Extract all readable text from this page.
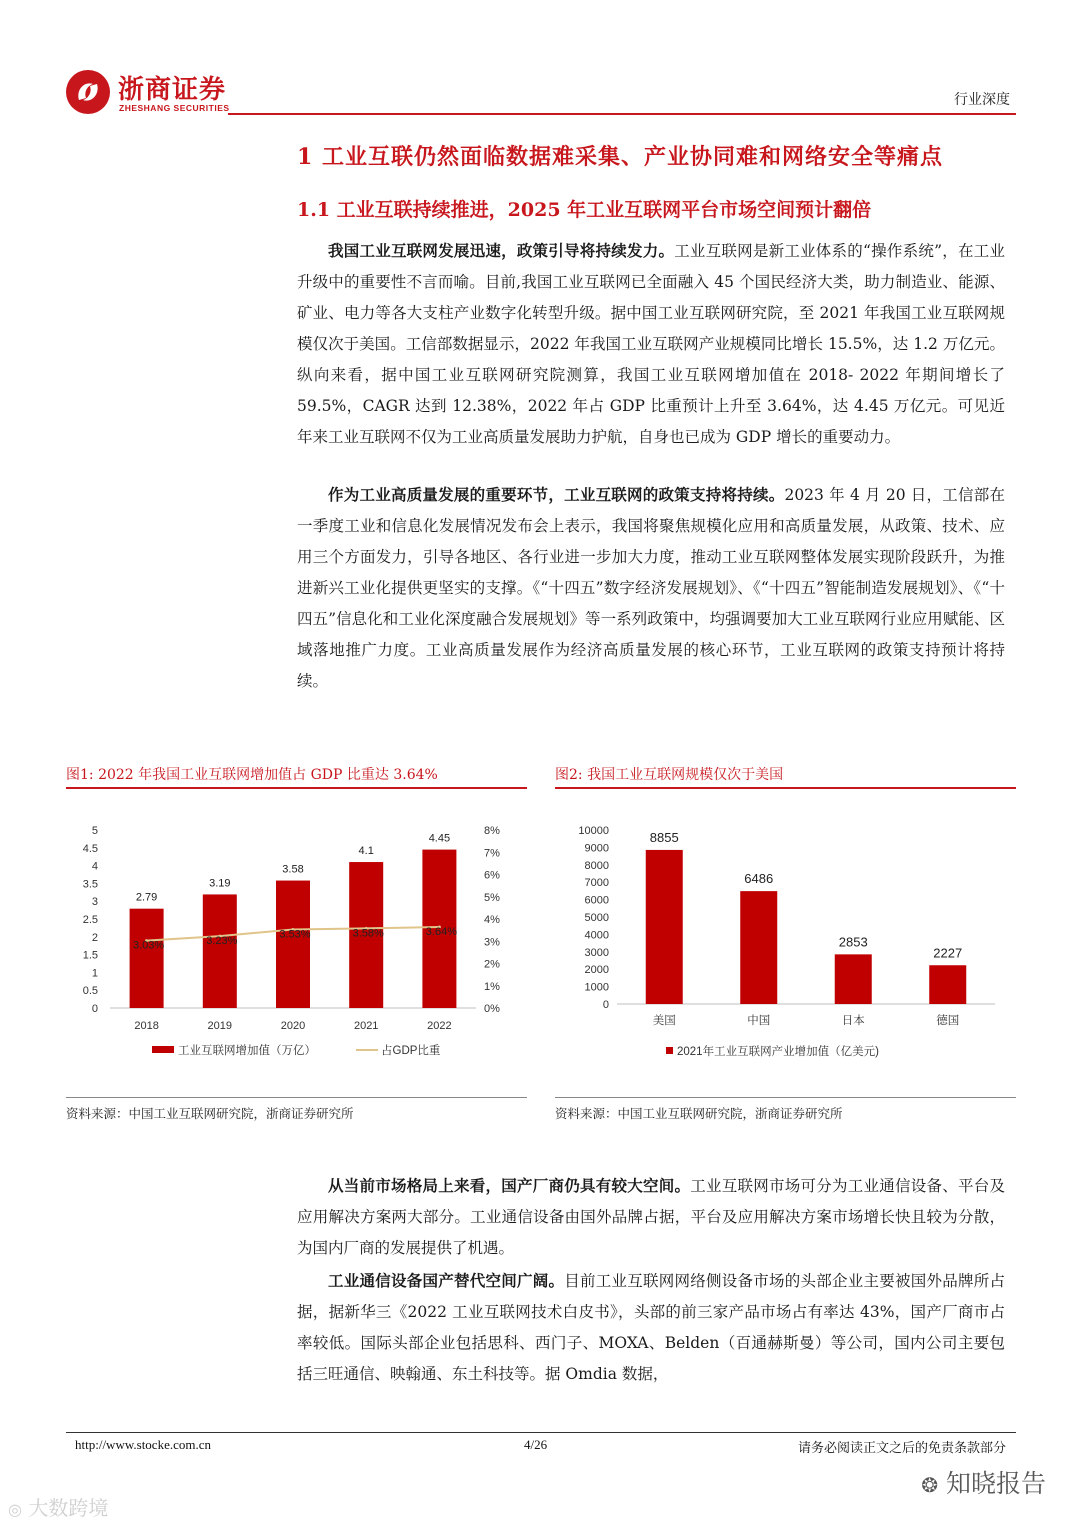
浙商证券
ZHESHANG SECURITIES	行业深度
1 工业互联仍然面临数据难采集、产业协同难和网络安全等痛点
1.1 工业互联持续推进，2025 年工业互联网平台市场空间预计翻倍

我国工业互联网发展迅速，政策引导将持续发力。工业互联网是新工业体系的“操作系统”，在工业升级中的重要性不言而喻。目前,我国工业互联网已全面融入 45 个国民经济大类，助力制造业、能源、矿业、电力等各大支柱产业数字化转型升级。据中国工业互联网研究院，至 2021 年我国工业互联网规模仅次于美国。工信部数据显示，2022 年我国工业互联网产业规模同比增长 15.5%，达 1.2 万亿元。纵向来看，据中国工业互联网研究院测算，我国工业互联网增加值在 2018- 2022 年期间增长了 59.5%，CAGR 达到 12.38%，2022 年占 GDP 比重预计上升至 3.64%，达 4.45 万亿元。可见近年来工业互联网不仅为工业高质量发展助力护航，自身也已成为 GDP 增长的重要动力。

作为工业高质量发展的重要环节，工业互联网的政策支持将持续。2023 年 4 月 20 日，工信部在一季度工业和信息化发展情况发布会上表示，我国将聚焦规模化应用和高质量发展，从政策、技术、应用三个方面发力，引导各地区、各行业进一步加大力度，推动工业互联网整体发展实现阶段跃升，为推进新兴工业化提供更坚实的支撑。《“十四五”数字经济发展规划》、《“十四五”智能制造发展规划》、《“十四五”信息化和工业化深度融合发展规划》等一系列政策中，均强调要加大工业互联网行业应用赋能、区域落地推广力度。工业高质量发展作为经济高质量发展的核心环节，工业互联网的政策支持预计将持续。

图1: 2022 年我国工业互联网增加值占 GDP 比重达 3.64%
0
0.5
1
1.5
2
2.5
3
3.5
4
4.5
5
0%
1%
2%
3%
4%
5%
6%
7%
8%
2018	2019	2020	2021	2022
2.79
3.19
3.58
4.1
4.45
3.03%	3.23%
3.53%	3.58%	3.64%
工业互联网增加值（万亿）	占GDP比重
资料来源：中国工业互联网研究院，浙商证券研究所
图2: 我国工业互联网规模仅次于美国
0
1000
2000
3000
4000
5000
6000
7000
8000
9000
10000
美国	中国	日本	德国
8855
6486
2853
2227
2021年工业互联网产业增加值（亿美元)
资料来源：中国工业互联网研究院，浙商证券研究所

从当前市场格局上来看，国产厂商仍具有较大空间。工业互联网市场可分为工业通信设备、平台及应用解决方案两大部分。工业通信设备由国外品牌占据，平台及应用解决方案市场增长快且较为分散，为国内厂商的发展提供了机遇。

工业通信设备国产替代空间广阔。目前工业互联网网络侧设备市场的头部企业主要被国外品牌所占据，据新华三《2022 工业互联网技术白皮书》，头部的前三家产品市场占有率达 43%，国产厂商市占率较低。国际头部企业包括思科、西门子、MOXA、Belden（百通赫斯曼）等公司，国内公司主要包括三旺通信、映翰通、东土科技等。据 Omdia 数据，

http://www.stocke.com.cn	4/26	请务必阅读正文之后的免责条款部分
❂ 知晓报告
◎ 大数跨境
